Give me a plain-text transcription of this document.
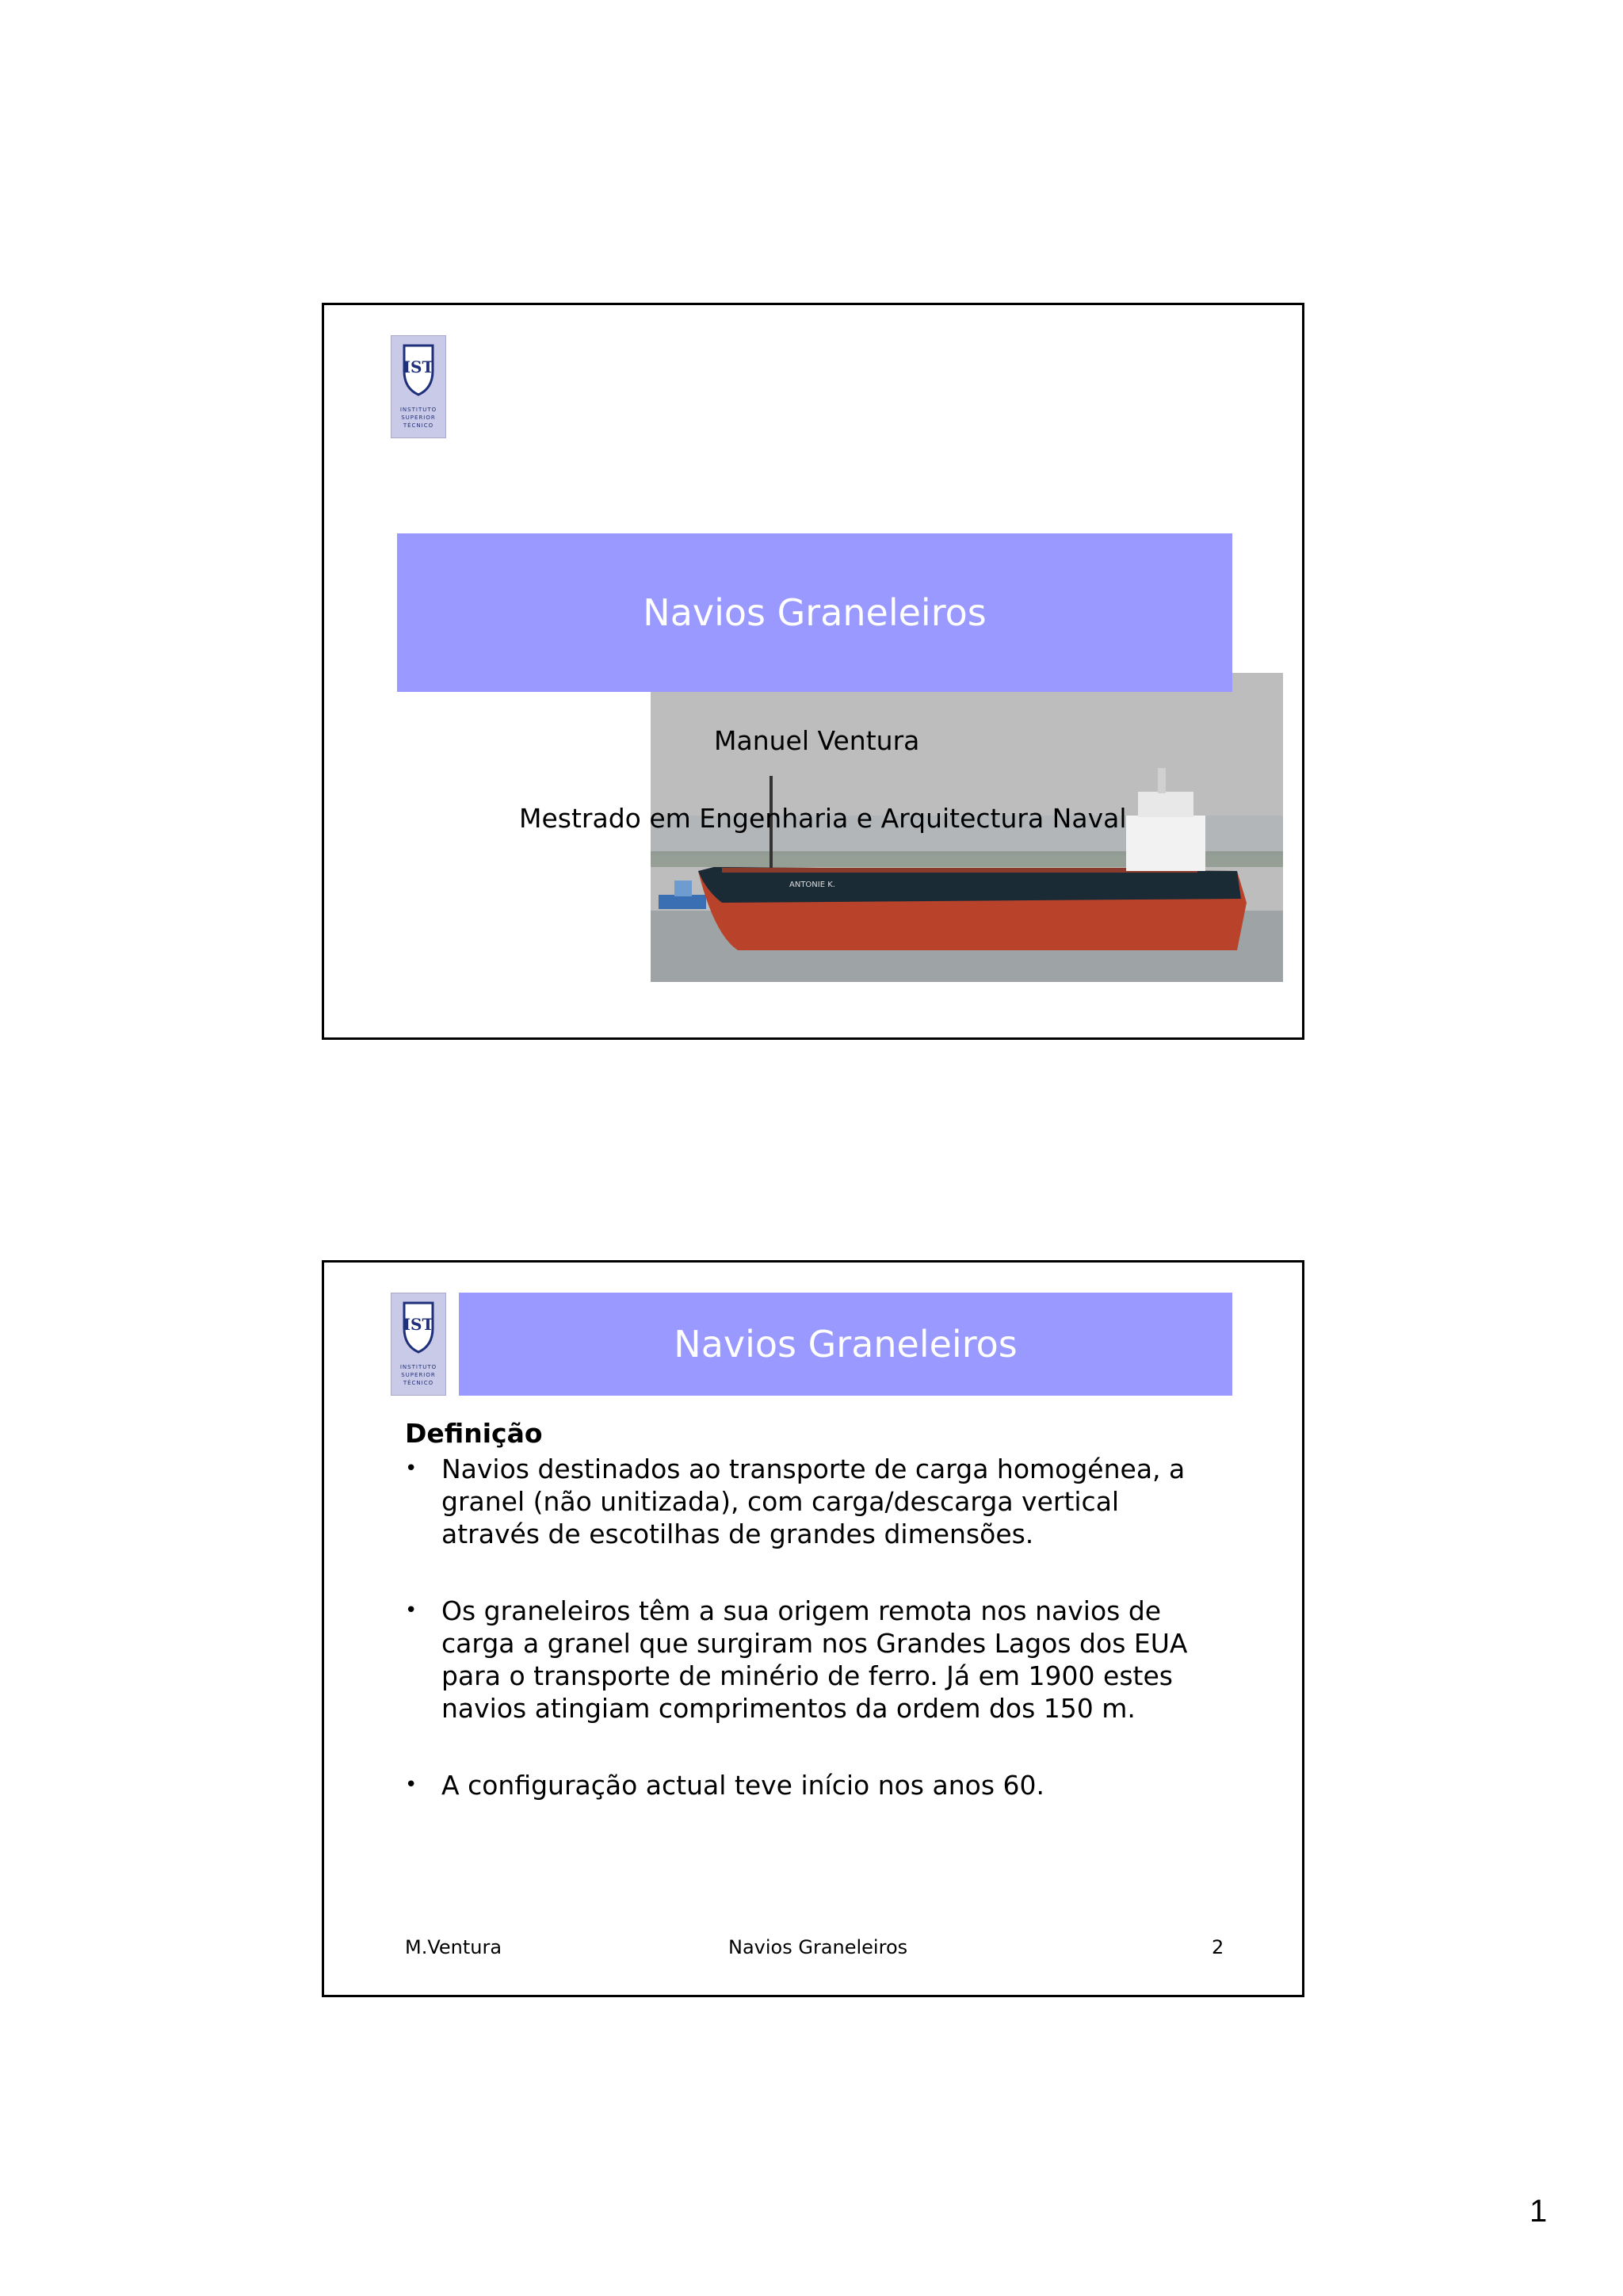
IST
INSTITUTO
SUPERIOR
TÉCNICO
ANTONIE K.
Navios Graneleiros
Manuel Ventura
Mestrado em Engenharia e Arquitectura Naval
IST
INSTITUTO
SUPERIOR
TÉCNICO
Navios Graneleiros
Definição
• Navios destinados ao transporte de carga homogénea, a granel (não unitizada), com carga/descarga vertical através de escotilhas de grandes dimensões.
• Os graneleiros têm a sua origem remota nos navios de carga a granel que surgiram nos Grandes Lagos dos EUA para o transporte de minério de ferro. Já em 1900 estes navios atingiam comprimentos da ordem dos 150 m.
• A configuração actual teve início nos anos 60.
M.Ventura	Navios Graneleiros	2
1
